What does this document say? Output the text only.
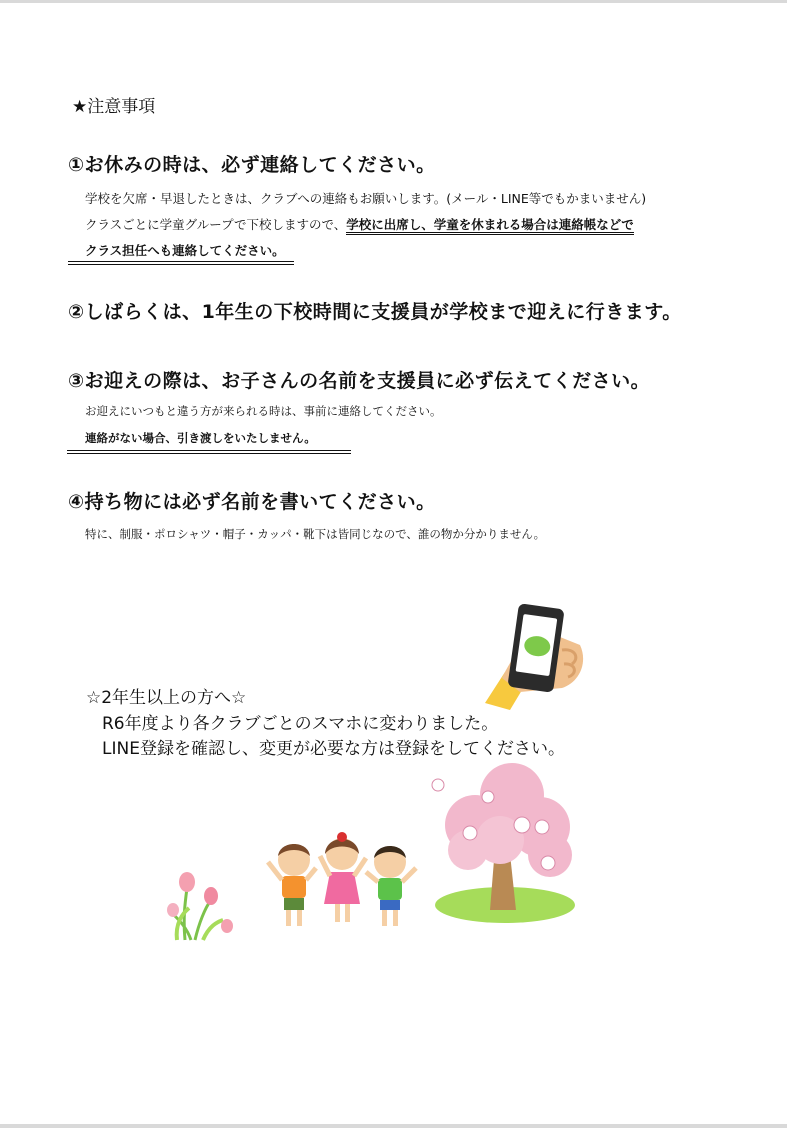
★注意事項
①お休みの時は、必ず連絡してください。
学校を欠席・早退したときは、クラブへの連絡もお願いします。(メール・LINE等でもかまいません)
クラスごとに学童グループで下校しますので、学校に出席し、学童を休まれる場合は連絡帳などで
クラス担任へも連絡してください。
②しばらくは、1年生の下校時間に支援員が学校まで迎えに行きます。
③お迎えの際は、お子さんの名前を支援員に必ず伝えてください。
お迎えにいつもと違う方が来られる時は、事前に連絡してください。
連絡がない場合、引き渡しをいたしません。
④持ち物には必ず名前を書いてください。
特に、制服・ポロシャツ・帽子・カッパ・靴下は皆同じなので、誰の物か分かりません。
☆2年生以上の方へ☆
R6年度より各クラブごとのスマホに変わりました。
LINE登録を確認し、変更が必要な方は登録をしてください。
